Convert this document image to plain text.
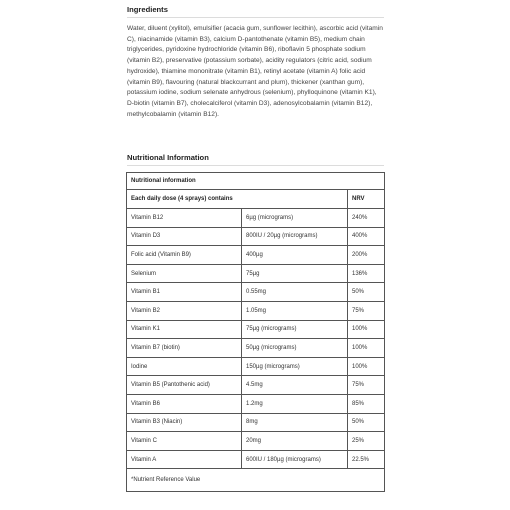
Ingredients

Water, diluent (xylitol), emulsifier (acacia gum, sunflower lecithin), ascorbic acid (vitamin C), niacinamide (vitamin B3), calcium D-pantothenate (vitamin B5), medium chain triglycerides, pyridoxine hydrochloride (vitamin B6), riboflavin 5 phosphate sodium (vitamin B2), preservative (potassium sorbate), acidity regulators (citric acid, sodium hydroxide), thiamine mononitrate (vitamin B1), retinyl acetate (vitamin A) folic acid (vitamin B9), flavouring (natural blackcurrant and plum), thickener (xanthan gum), potassium iodine, sodium selenate anhydrous (selenium), phylloquinone (vitamin K1), D-biotin (vitamin B7), cholecalciferol (vitamin D3), adenosylcobalamin (vitamin B12), methylcobalamin (vitamin B12).

Nutritional Information
Nutritional information		
Each daily dose (4 sprays) contains		NRV
Vitamin B12	6µg (micrograms)	240%
Vitamin D3	800IU / 20µg (micrograms)	400%
Folic acid (Vitamin B9)	400µg	200%
Selenium	75µg	136%
Vitamin B1	0.55mg	50%
Vitamin B2	1.05mg	75%
Vitamin K1	75µg (micrograms)	100%
Vitamin B7 (biotin)	50µg (micrograms)	100%
Iodine	150µg (micrograms)	100%
Vitamin B5 (Pantothenic acid)	4.5mg	75%
Vitamin B6	1.2mg	85%
Vitamin B3 (Niacin)	8mg	50%
Vitamin C	20mg	25%
Vitamin A	600IU / 180µg (micrograms)	22.5%
*Nutrient Reference Value		
